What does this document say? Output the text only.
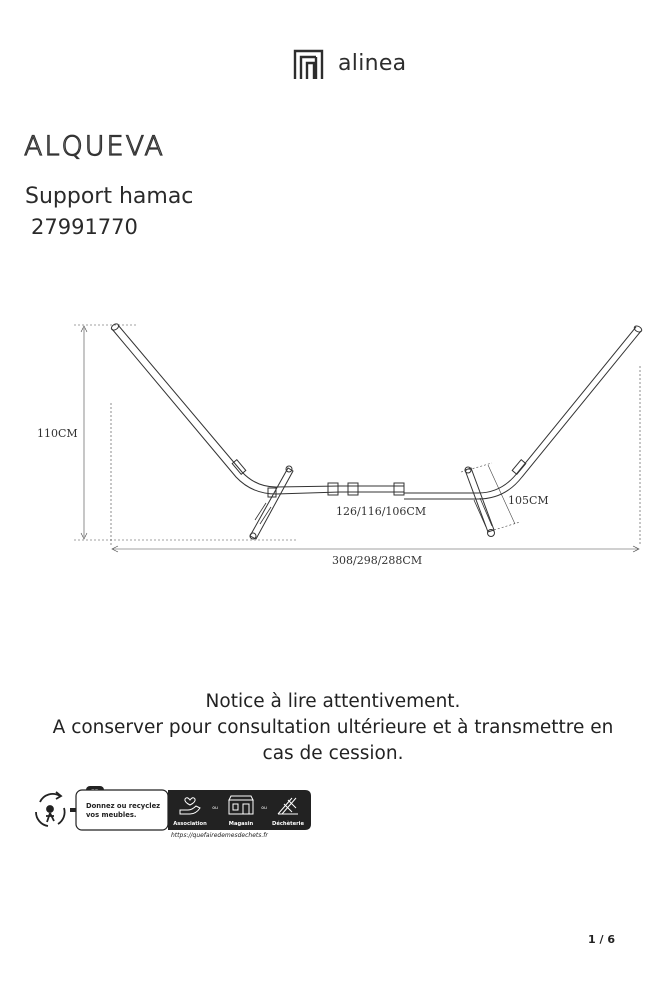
alinea
ALQUEVA
Support hamac
27991770
110CM
105CM
126/116/106CM
308/298/288CM
Notice à lire attentivement.
A conserver pour consultation ultérieure et à transmettre en
cas de cession.
Donnez ou recyclez
vos meubles.
Association
ou
Magasin
ou
Déchèterie
https://quefairedemesdechets.fr
1 / 6
